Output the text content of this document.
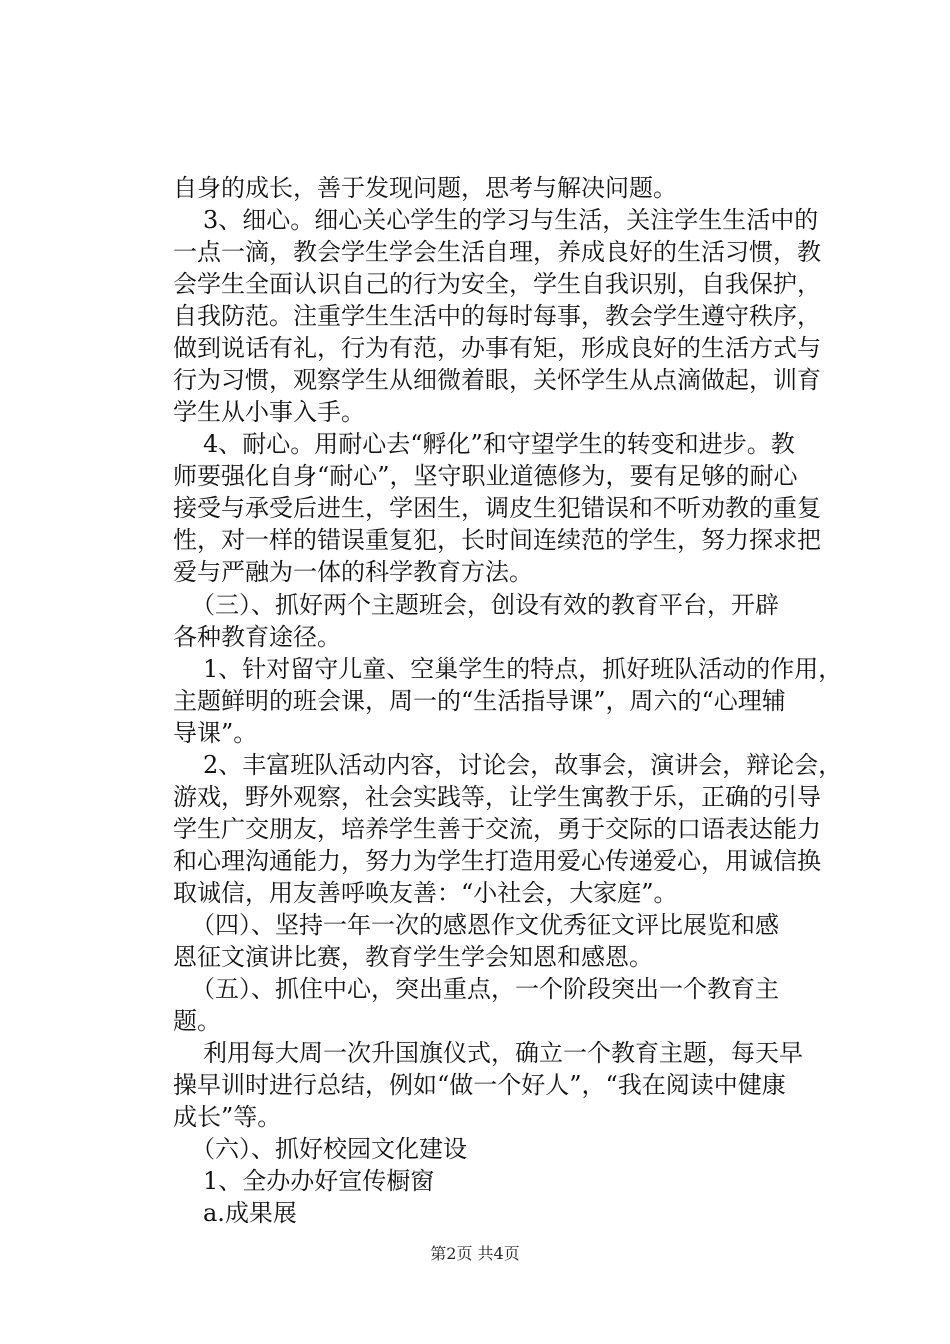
自身的成长，善于发现问题，思考与解决问题。
3、细心。细心关心学生的学习与生活，关注学生生活中的
一点一滴，教会学生学会生活自理，养成良好的生活习惯，教
会学生全面认识自己的行为安全，学生自我识别，自我保护，
自我防范。注重学生生活中的每时每事，教会学生遵守秩序，
做到说话有礼，行为有范，办事有矩，形成良好的生活方式与
行为习惯，观察学生从细微着眼，关怀学生从点滴做起，训育
学生从小事入手。
4、耐心。用耐心去“孵化”和守望学生的转变和进步。教
师要强化自身“耐心”，坚守职业道德修为，要有足够的耐心
接受与承受后进生，学困生，调皮生犯错误和不听劝教的重复
性，对一样的错误重复犯，长时间连续范的学生，努力探求把
爱与严融为一体的科学教育方法。
（三）、抓好两个主题班会，创设有效的教育平台，开辟
各种教育途径。
1、针对留守儿童、空巢学生的特点，抓好班队活动的作用，
主题鲜明的班会课，周一的“生活指导课”，周六的“心理辅
导课”。
2、丰富班队活动内容，讨论会，故事会，演讲会，辩论会，
游戏，野外观察，社会实践等，让学生寓教于乐，正确的引导
学生广交朋友，培养学生善于交流，勇于交际的口语表达能力
和心理沟通能力，努力为学生打造用爱心传递爱心，用诚信换
取诚信，用友善呼唤友善：“小社会，大家庭”。
（四）、坚持一年一次的感恩作文优秀征文评比展览和感
恩征文演讲比赛，教育学生学会知恩和感恩。
（五）、抓住中心，突出重点，一个阶段突出一个教育主
题。
利用每大周一次升国旗仪式，确立一个教育主题，每天早
操早训时进行总结，例如“做一个好人”，“我在阅读中健康
成长”等。
（六）、抓好校园文化建设
1、全办办好宣传橱窗
a.成果展
第2页 共4页
